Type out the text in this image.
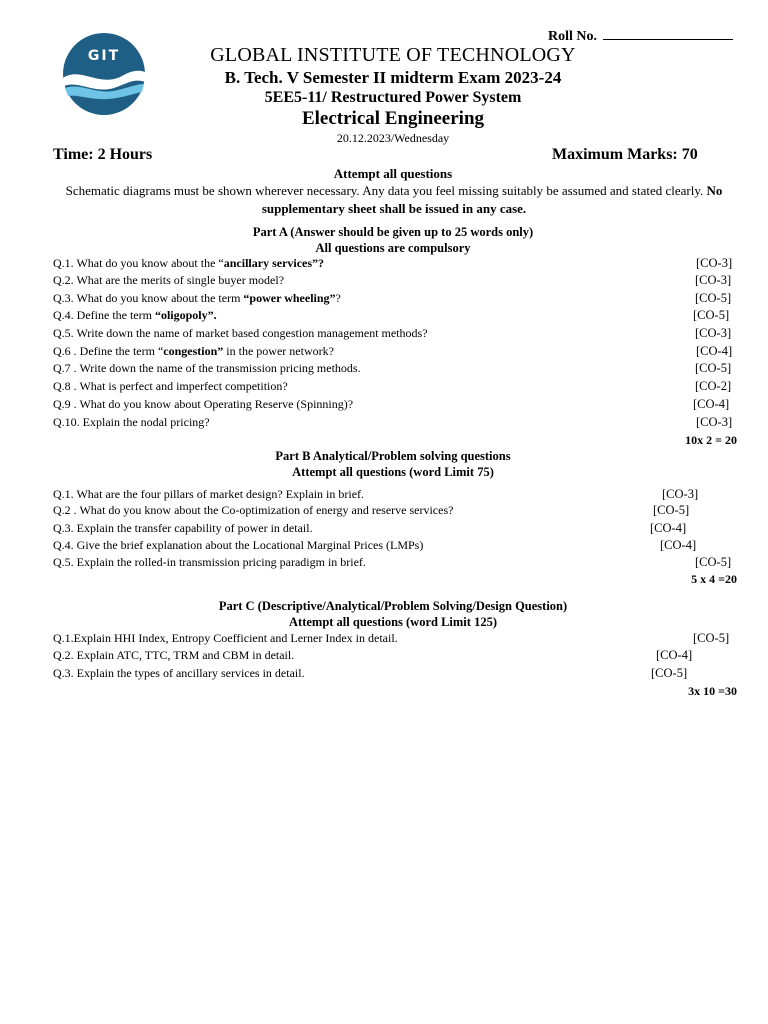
Roll No.
GIT	GLOBAL INSTITUTE OF TECHNOLOGY
B. Tech. V Semester II midterm Exam 2023-24
5EE5-11/ Restructured Power System
Electrical Engineering
20.12.2023/Wednesday
Time: 2 Hours	Maximum Marks: 70
Attempt all questions
Schematic diagrams must be shown wherever necessary. Any data you feel missing suitably be assumed and stated clearly. No supplementary sheet shall be issued in any case.
Part A (Answer should be given up to 25 words only)
All questions are compulsory
Q.1. What do you know about the “ancillary services”?	[CO-3]
Q.2. What are the merits of single buyer model?	[CO-3]
Q.3. What do you know about the term “power wheeling”?	[CO-5]
Q.4. Define the term “oligopoly”.	[CO-5]
Q.5. Write down the name of market based congestion management methods?	[CO-3]
Q.6 . Define the term “congestion” in the power network?	[CO-4]
Q.7 . Write down the name of the transmission pricing methods.	[CO-5]
Q.8 . What is perfect and imperfect competition?	[CO-2]
Q.9 . What do you know about Operating Reserve (Spinning)?	[CO-4]
Q.10. Explain the nodal pricing?	[CO-3]
10x 2 = 20
Part B Analytical/Problem solving questions
Attempt all questions (word Limit 75)
Q.1. What are the four pillars of market design? Explain in brief.	[CO-3]
Q.2 . What do you know about the Co-optimization of energy and reserve services?	[CO-5]
Q.3. Explain the transfer capability of power in detail.	[CO-4]
Q.4. Give the brief explanation about the Locational Marginal Prices (LMPs)	[CO-4]
Q.5. Explain the rolled-in transmission pricing paradigm in brief.	[CO-5]
5 x 4 =20
Part C (Descriptive/Analytical/Problem Solving/Design Question)
Attempt all questions (word Limit 125)
Q.1.Explain HHI Index, Entropy Coefficient and Lerner Index in detail.	[CO-5]
Q.2. Explain ATC, TTC, TRM and CBM in detail.	[CO-4]
Q.3. Explain the types of ancillary services in detail.	[CO-5]
3x 10 =30
